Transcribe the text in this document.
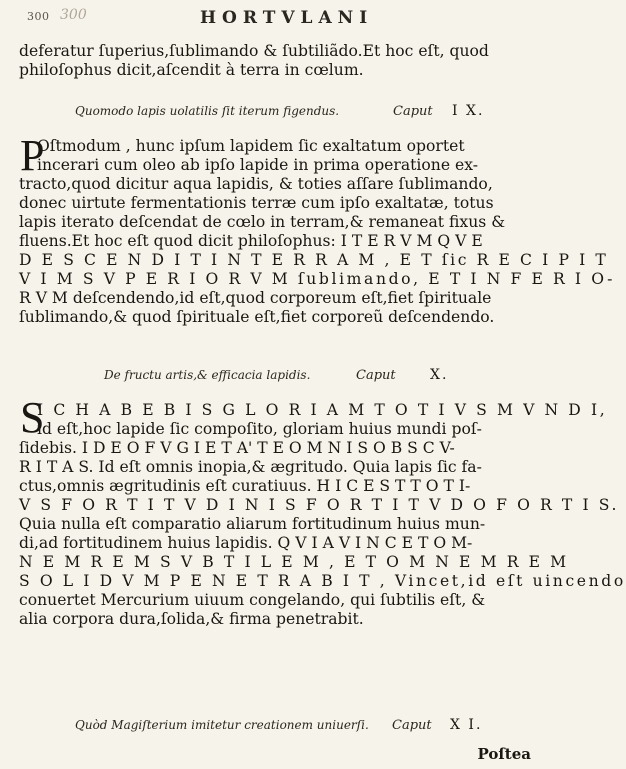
300 300	HORTVLANI
deferatur ſuperius,ſublimando & ſubtiliãdo.Et hoc eſt, quod
philoſophus dicit,aſcendit à terra in cœlum.
Quomodo lapis uolatilis ſit iterum figendus.	Caput I X.
P
Oſtmodum , hunc ipſum lapidem ſic exaltatum oportet
incerari cum oleo ab ipſo lapide in prima operatione ex-
tracto,quod dicitur aqua lapidis, & toties aſſare ſublimando,
donec uirtute fermentationis terræ cum ipſo exaltatæ, totus
lapis iterato deſcendat de cœlo in terram,& remaneat fixus &
fluens.Et hoc eſt quod dicit philoſophus: I T E R V M Q V E
D E S C E N D I T I N T E R R A M , E T ſic R E C I P I T
V I M S V P E R I O R V M ſublimando, E T I N F E R I O-
R V M deſcendendo,id eſt,quod corporeum eſt,fiet ſpirituale
ſublimando,& quod ſpirituale eſt,fiet corporeũ deſcendendo.
De fructu artis,& efficacia lapidis.	Caput X.
S
I C H A B E B I S G L O R I A M T O T I V S M V N D I,
id eſt,hoc lapide ſic compoſito, gloriam huius mundi poſ-
ſidebis. I D E O F V G I E T A' T E O M N I S O B S C V-
R I T A S. Id eſt omnis inopia,& ægritudo. Quia lapis ſic fa-
ctus,omnis ægritudinis eſt curatiuus. H I C E S T T O T I-
V S F O R T I T V D I N I S F O R T I T V D O F O R T I S.
Quia nulla eſt comparatio aliarum fortitudinum huius mun-
di,ad fortitudinem huius lapidis. Q V I A V I N C E T O M-
N E M R E M S V B T I L E M , E T O M N E M R E M
S O L I D V M P E N E T R A B I T , Vincet,id eſt uincendo
conuertet Mercurium uiuum congelando, qui ſubtilis eſt, &
alia corpora dura,ſolida,& firma penetrabit.
Quòd Magiſterium imitetur creationem uniuerſi. Caput X I.
Poſtea
